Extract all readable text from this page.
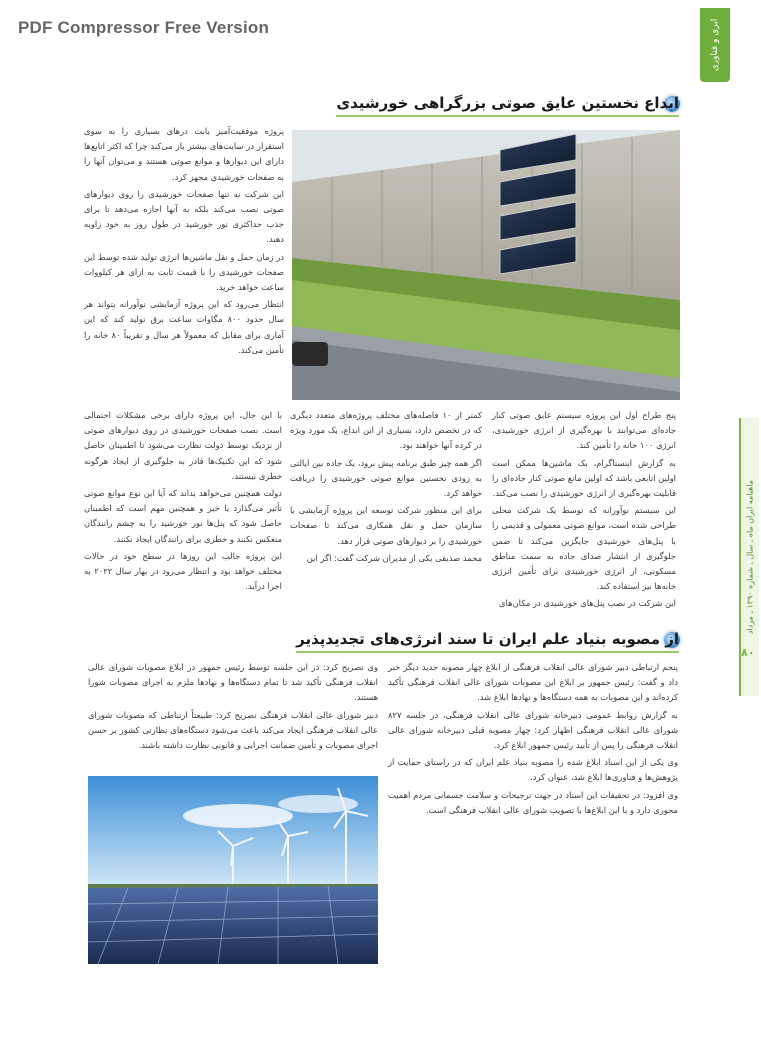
PDF Compressor Free Version	ابری و فناوری
ماهنامه ایران ماه ـ سال ـ شماره ۱۳۹۰ ـ مرداد
۸۰
ابداع نخستین عایق صوتی بزرگراهی خورشیدی

پروژه موفقیت‌آمیز بابت درهای بسیاری را به سوی استقرار در سایت‌های بیشتر باز می‌کند چرا که اکثر اتابع‌ها دارای این دیوارها و موانع صوتی هستند و می‌توان آنها را به صفحات خورشیدی مجهز کرد.

این شرکت نه تنها صفحات خورشیدی را روی دیوارهای صوتی نصب می‌کند بلکه به آنها اجازه می‌دهد تا برای جذب حداکثری نور خورشید در طول روز به خود زاویه دهند.

در زمان حمل و نقل ماشین‌ها انرژی تولید شده توسط این صفحات خورشیدی را با قیمت ثابت به ازای هر کیلووات ساعت خواهد خرید.

انتظار می‌رود که این پروژه آزمایشی نوآورانه بتواند هر سال حدود ۸۰۰ مگاوات ساعت برق تولید کند که این آماری برای مقابل که معمولاً هر سال و تقریباً ۸۰ خانه را تأمین می‌کند.

پنج طراح اول این پروژه سیستم عایق صوتی کنار جاده‌ای می‌توانند با بهره‌گیری از انرژی خورشیدی، انرژی ۱۰۰ خانه را تأمین کند.

به گزارش اینستاگرام، یک ماشین‌ها ممکن است اولین اتابعی باشد که اولین مانع صوتی کنار جاده‌ای را قابلیت بهره‌گیری از انرژی خورشیدی را نصب می‌کند.

این سیستم نوآورانه که توسط یک شرکت محلی طراحی شده است، موانع صوتی معمولی و قدیمی را با پنل‌های خورشیدی جایگزین می‌کند تا ضمن جلوگیری از انتشار صدای جاده به سمت مناطق مسکونی، از انرژی خورشیدی برای تأمین انرژی خانه‌ها نیز استفاده کند.

این شرکت در نصب پنل‌های خورشیدی در مکان‌های

کمتر از ۱۰ فاصله‌های مختلف پروژه‌های متعدد دیگری که در تخصص دارد، بسیاری از این ابداع، یک مورد ویژه در کرده آنها خواهند بود.

اگر همه چیز طبق برنامه پیش برود، یک جاده بین ایالتی به زودی نخستین موانع صوتی خورشیدی را دریافت خواهد کرد.

برای این منظور شرکت توسعه این پروژه آزمایشی با سازمان حمل و نقل همکاری می‌کند تا صفحات خورشیدی را بر دیوارهای صوتی قرار دهد.

محمد صدیقی یکی از مدیران شرکت گفت: اگر این

با این حال، این پروژه دارای برخی مشکلات احتمالی است. نصب صفحات خورشیدی در روی دیوارهای صوتی از نزدیک توسط دولت نظارت می‌شود تا اطمینان حاصل شود که این تکنیک‌ها قادر به جلوگیری از ایجاد هرگونه خطری نیستند.

دولت همچنین می‌خواهد بداند که آیا این نوع موانع صوتی تأثیر می‌گذارد یا خیر و همچنین مهم است که اطمینان حاصل شود که پنل‌ها نور خورشید را به چشم رانندگان منعکس نکنند و خطری برای رانندگان ایجاد نکنند.

این پروژه جالب این روزها در سطح خود در حالات مختلف خواهد بود و انتظار می‌رود در بهار سال ۲۰۲۲ به اجرا درآید.

از مصوبه بنیاد علم ایران تا سند انرژی‌های تجدیدپذیر

پنجم ارتباطی دبیر شورای عالی انقلاب فرهنگی از ابلاغ چهار مصوبه جدید دیگر خبر داد و گفت: رئیس جمهور بر ابلاغ این مصوبات شورای عالی انقلاب فرهنگی تأکید کرده‌اند و این مصوبات به همه دستگاه‌ها و نهادها ابلاغ شد.

به گزارش روابط عمومی دبیرخانه شورای عالی انقلاب فرهنگی، در جلسه ۸۲۷ شورای عالی انقلاب فرهنگی اظهار کرد: چهار مصوبه قبلی دبیرخانه شورای عالی انقلاب فرهنگی را پس از تأیید رئیس جمهور ابلاغ کرد.

وی یکی از این اسناد ابلاغ شده را مصوبه بنیاد علم ایران که در راستای حمایت از پژوهش‌ها و فناوری‌ها ابلاغ شد، عنوان کرد.

وی افزود: در تحقیقات این اسناد در جهت ترجیحات و سلامت جسمانی مردم اهمیت محوری دارد و با این ابلاغ‌ها با تصویب شورای عالی انقلاب فرهنگی است.

وی تصریح کرد: در این جلسه توسط رئیس جمهور در ابلاغ مصوبات شورای عالی انقلاب فرهنگی تأکید شد تا تمام دستگاه‌ها و نهادها ملزم به اجرای مصوبات شورا هستند.

دبیر شورای عالی انقلاب فرهنگی تصریح کرد: طبیعتاً ارتباطی که مصوبات شورای عالی انقلاب فرهنگی ایجاد می‌کند باعث می‌شود دستگاه‌های نظارتی کشور بر حسن اجرای مصوبات و تأمین ضمانت اجرایی و قانونی نظارت داشته باشند.
